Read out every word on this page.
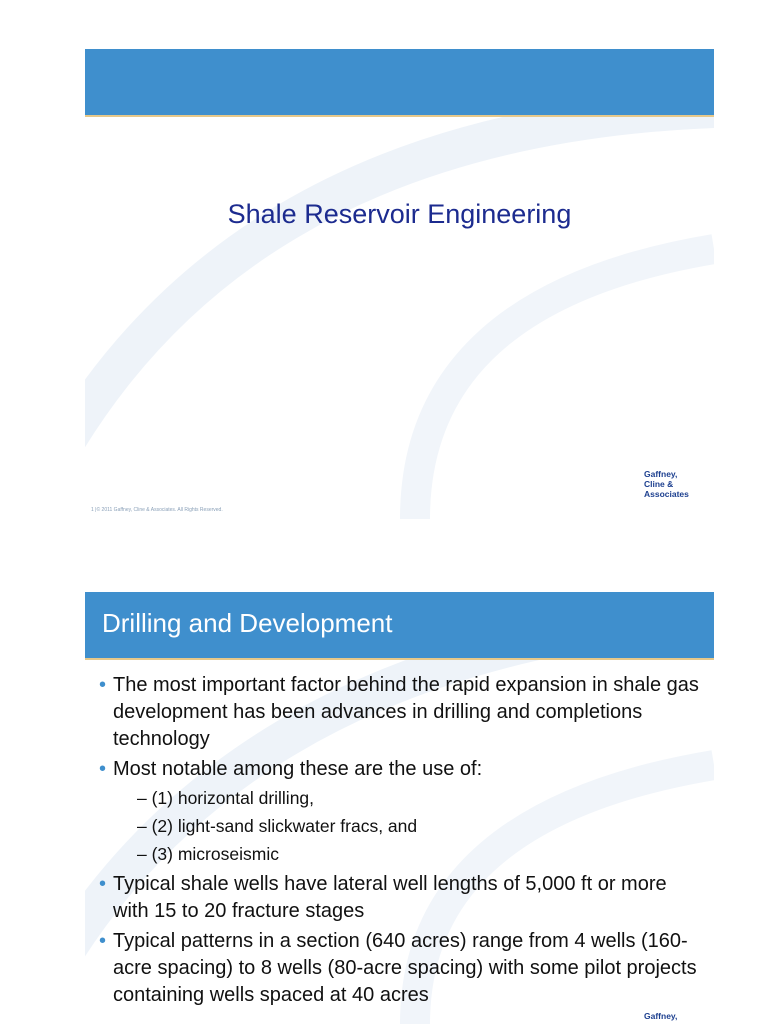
Shale Reservoir Engineering
Gaffney,
Cline &
Associates
1 |© 2011 Gaffney, Cline & Associates. All Rights Reserved.
Drilling and Development
• The most important factor behind the rapid expansion in shale gas development has been advances in drilling and completions technology
• Most notable among these are the use of:
– (1) horizontal drilling,
– (2) light-sand slickwater fracs, and
– (3) microseismic
• Typical shale wells have lateral well lengths of 5,000 ft or more with 15 to 20 fracture stages
• Typical patterns in a section (640 acres) range from 4 wells (160-acre spacing) to 8 wells (80-acre spacing) with some pilot projects containing wells spaced at 40 acres
Gaffney,
